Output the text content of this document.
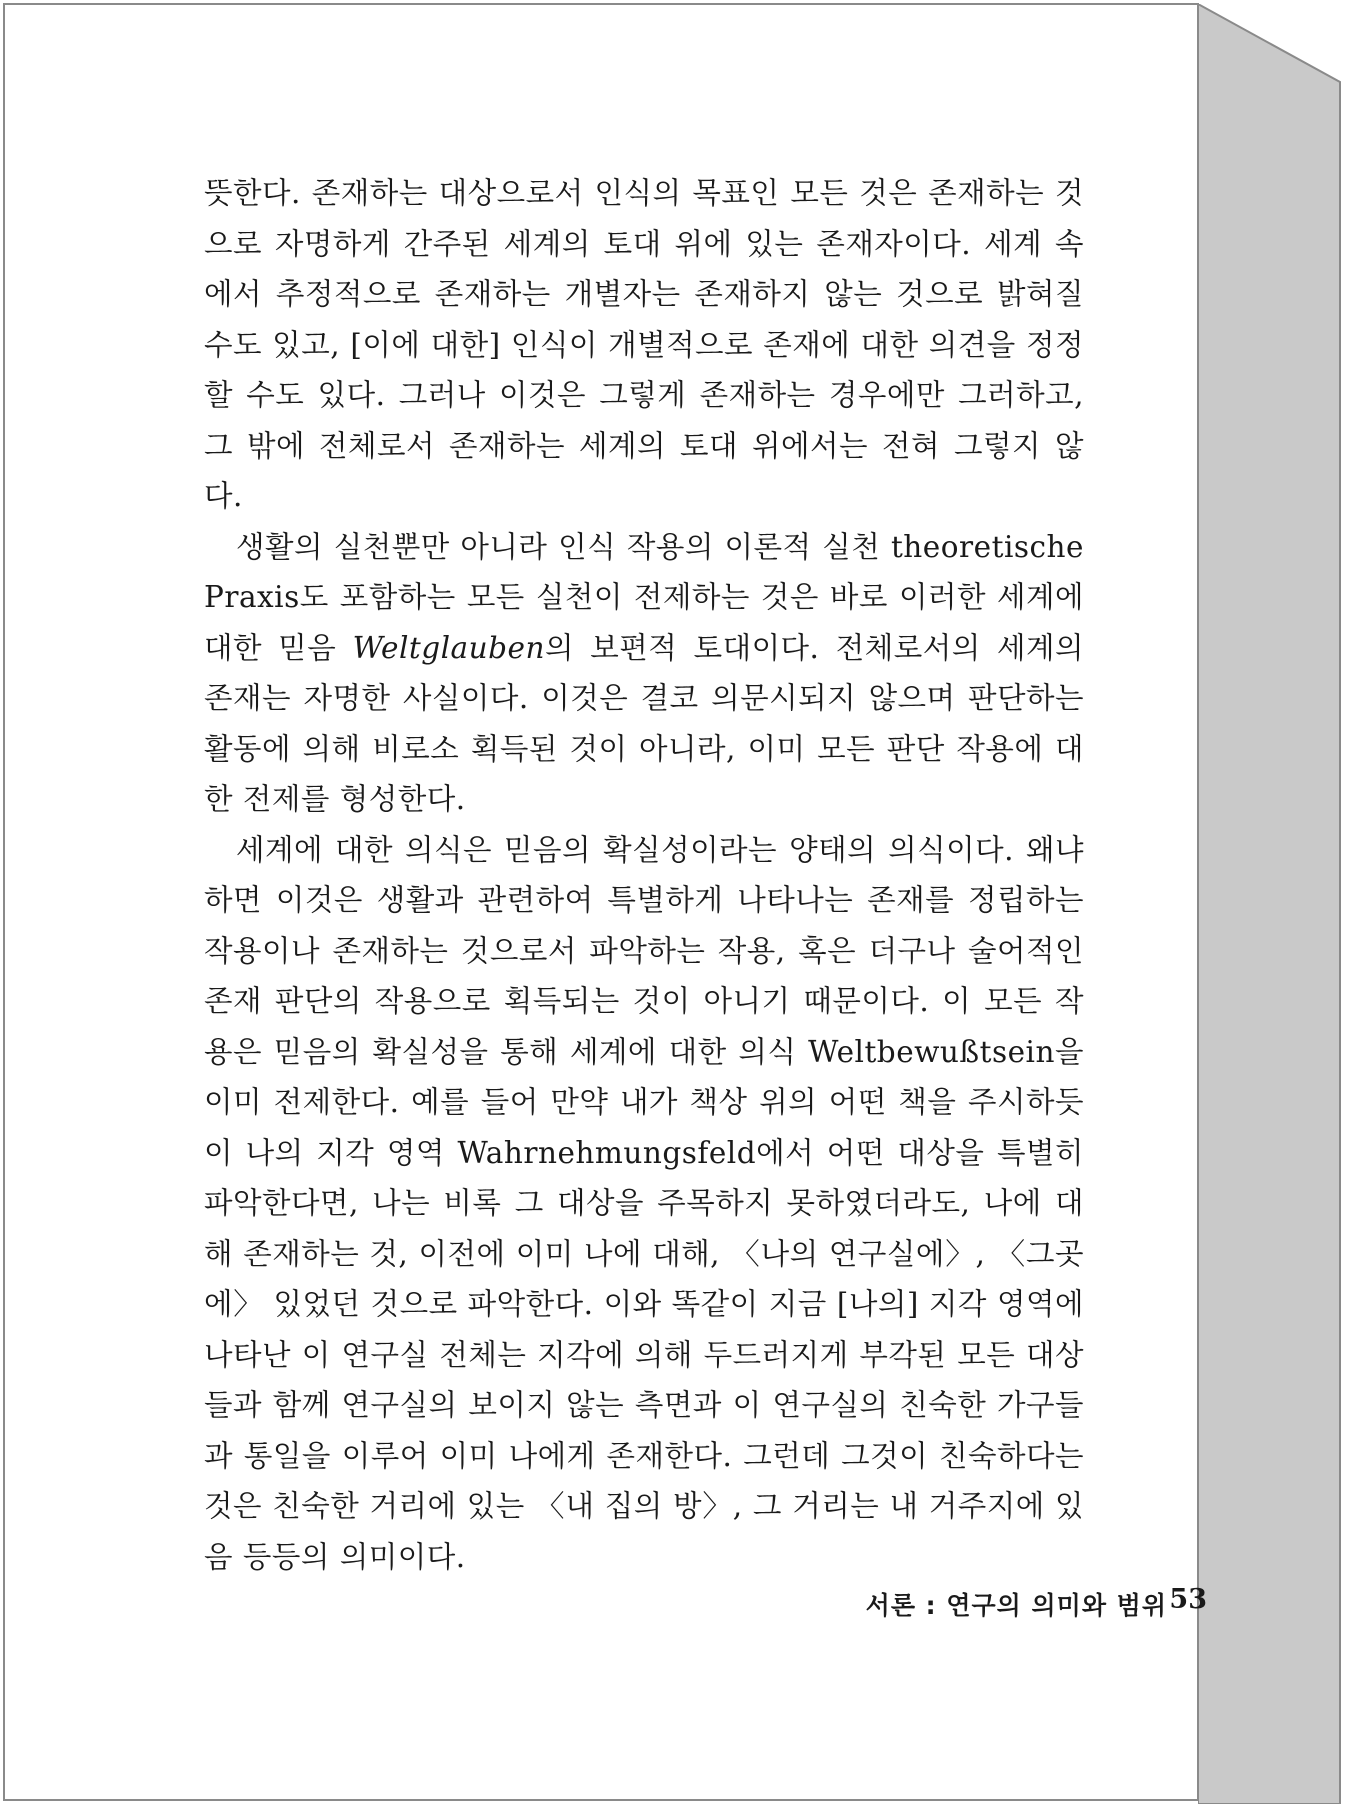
뜻한다. 존재하는 대상으로서 인식의 목표인 모든 것은 존재하는 것으로 자명하게 간주된 세계의 토대 위에 있는 존재자이다. 세계 속에서 추정적으로 존재하는 개별자는 존재하지 않는 것으로 밝혀질 수도 있고, [이에 대한] 인식이 개별적으로 존재에 대한 의견을 정정할 수도 있다. 그러나 이것은 그렇게 존재하는 경우에만 그러하고, 그 밖에 전체로서 존재하는 세계의 토대 위에서는 전혀 그렇지 않다.

생활의 실천뿐만 아니라 인식 작용의 이론적 실천 theoretische Praxis도 포함하는 모든 실천이 전제하는 것은 바로 이러한 세계에 대한 믿음 Weltglauben의 보편적 토대이다. 전체로서의 세계의 존재는 자명한 사실이다. 이것은 결코 의문시되지 않으며 판단하는 활동에 의해 비로소 획득된 것이 아니라, 이미 모든 판단 작용에 대한 전제를 형성한다.

세계에 대한 의식은 믿음의 확실성이라는 양태의 의식이다. 왜냐하면 이것은 생활과 관련하여 특별하게 나타나는 존재를 정립하는 작용이나 존재하는 것으로서 파악하는 작용, 혹은 더구나 술어적인 존재 판단의 작용으로 획득되는 것이 아니기 때문이다. 이 모든 작용은 믿음의 확실성을 통해 세계에 대한 의식 Weltbewußtsein을 이미 전제한다. 예를 들어 만약 내가 책상 위의 어떤 책을 주시하듯이 나의 지각 영역 Wahrnehmungsfeld에서 어떤 대상을 특별히 파악한다면, 나는 비록 그 대상을 주목하지 못하였더라도, 나에 대해 존재하는 것, 이전에 이미 나에 대해, 〈나의 연구실에〉, 〈그곳에〉 있었던 것으로 파악한다. 이와 똑같이 지금 [나의] 지각 영역에 나타난 이 연구실 전체는 지각에 의해 두드러지게 부각된 모든 대상들과 함께 연구실의 보이지 않는 측면과 이 연구실의 친숙한 가구들과 통일을 이루어 이미 나에게 존재한다. 그런데 그것이 친숙하다는 것은 친숙한 거리에 있는 〈내 집의 방〉, 그 거리는 내 거주지에 있음 등등의 의미이다.

서론 : 연구의 의미와 범위 53
